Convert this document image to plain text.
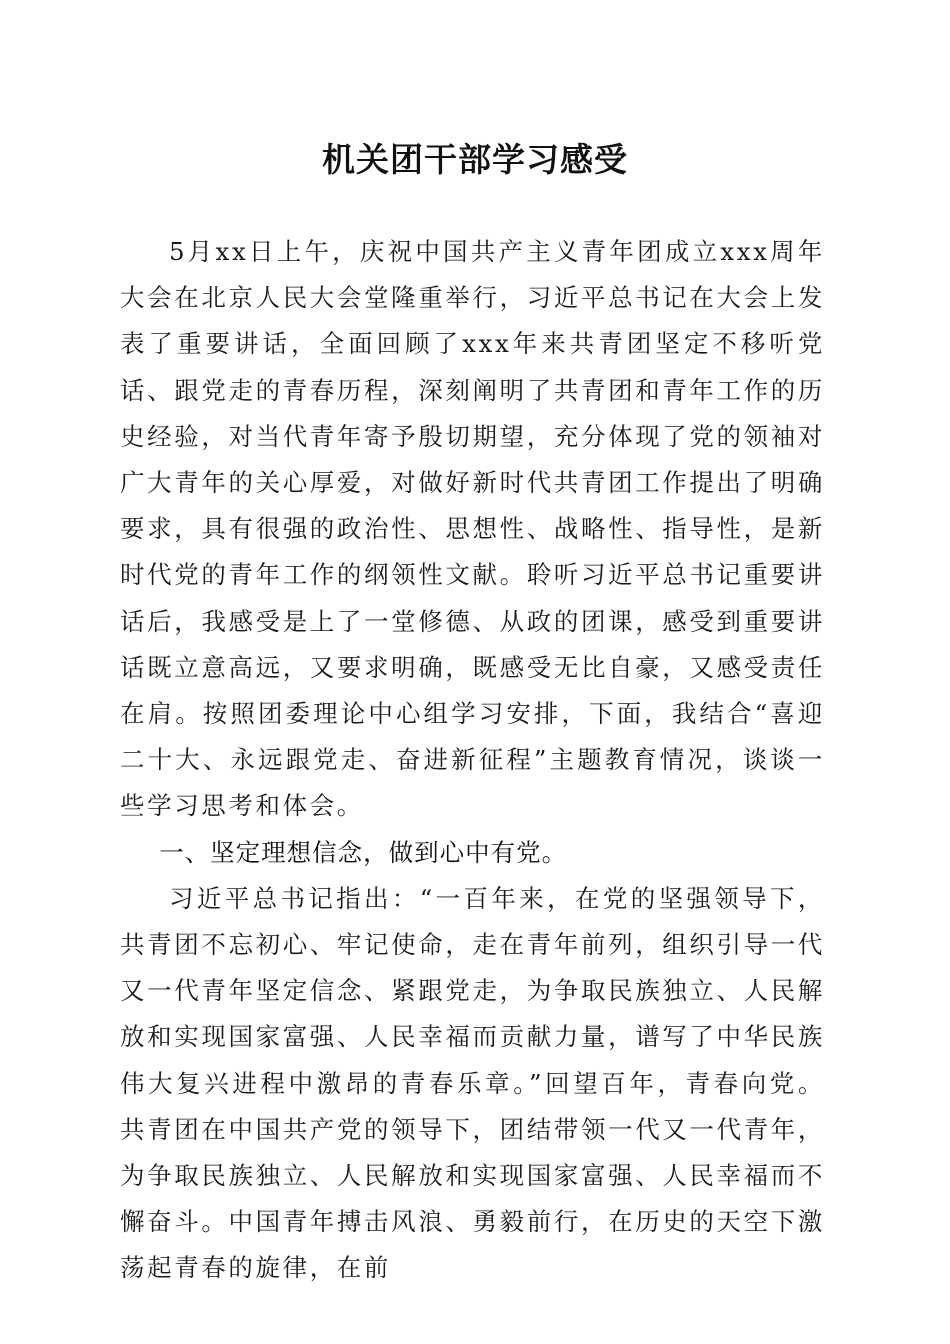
机关团干部学习感受

5月xx日上午，庆祝中国共产主义青年团成立xxx周年大会在北京人民大会堂隆重举行，习近平总书记在大会上发表了重要讲话，全面回顾了xxx年来共青团坚定不移听党话、跟党走的青春历程，深刻阐明了共青团和青年工作的历史经验，对当代青年寄予殷切期望，充分体现了党的领袖对广大青年的关心厚爱，对做好新时代共青团工作提出了明确要求，具有很强的政治性、思想性、战略性、指导性，是新时代党的青年工作的纲领性文献。聆听习近平总书记重要讲话后，我感受是上了一堂修德、从政的团课，感受到重要讲话既立意高远，又要求明确，既感受无比自豪，又感受责任在肩。按照团委理论中心组学习安排，下面，我结合“喜迎二十大、永远跟党走、奋进新征程”主题教育情况，谈谈一些学习思考和体会。

一、坚定理想信念，做到心中有党。

习近平总书记指出：“一百年来，在党的坚强领导下，共青团不忘初心、牢记使命，走在青年前列，组织引导一代又一代青年坚定信念、紧跟党走，为争取民族独立、人民解放和实现国家富强、人民幸福而贡献力量，谱写了中华民族伟大复兴进程中激昂的青春乐章。”回望百年，青春向党。共青团在中国共产党的领导下，团结带领一代又一代青年，为争取民族独立、人民解放和实现国家富强、人民幸福而不懈奋斗。中国青年搏击风浪、勇毅前行，在历史的天空下激荡起青春的旋律，在前
